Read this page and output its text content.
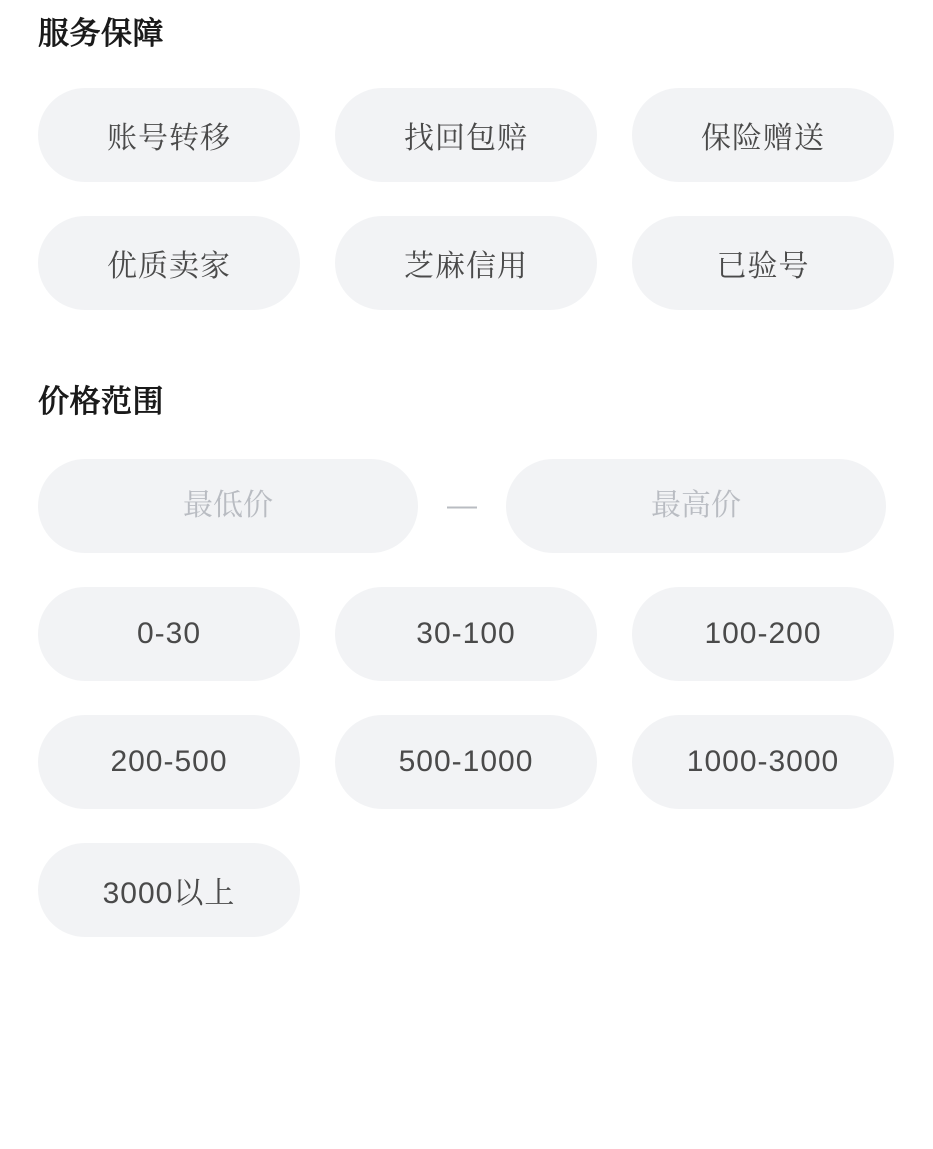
服务保障
账号转移	找回包赔	保险赠送
优质卖家	芝麻信用	已验号
价格范围
最低价
—
最高价
0-30	30-100	100-200
200-500	500-1000	1000-3000
3000以上
